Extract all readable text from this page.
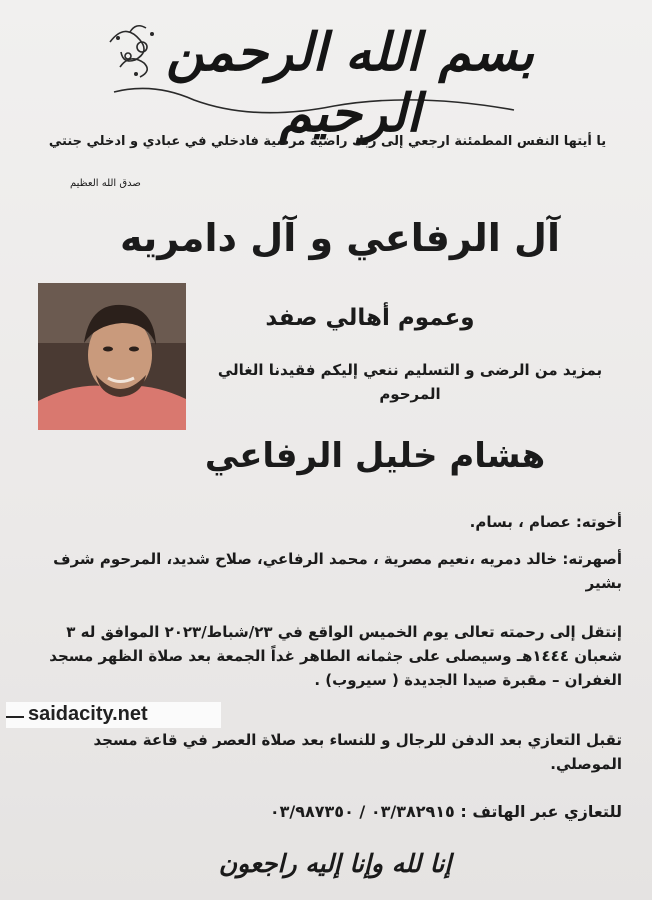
بسم الله الرحمن الرحيم
يا أيتها النفس المطمئنة ارجعي إلى ربك راضية مرضية فادخلي في عبادي و ادخلي جنتي
صدق الله العظيم
آل الرفاعي و آل دامريه
وعموم أهالي صفد
بمزيد من الرضى و التسليم ننعي إليكم فقيدنا الغالي
المرحوم
هشام خليل الرفاعي
أخوته: عصام ، بسام.
أصهرته: خالد دمريه ،نعيم مصرية ، محمد الرفاعي، صلاح شديد، المرحوم شرف بشير
إنتقل إلى رحمته تعالى يوم الخميس الواقع في ٢٣/شباط/٢٠٢٣ الموافق له ٣ شعبان ١٤٤٤هـ وسيصلى على جثمانه الطاهر غداً الجمعة بعد صلاة الظهر مسجد الغفران – مقبرة صيدا الجديدة ( سيروب) .
تقبل التعازي بعد الدفن للرجال و للنساء بعد صلاة العصر في قاعة مسجد الموصلي.
للتعازي عبر الهاتف : ٠٣/٣٨٢٩١٥ / ٠٣/٩٨٧٣٥٠
saidacity.net
إنا لله وإنا إليه راجعون
